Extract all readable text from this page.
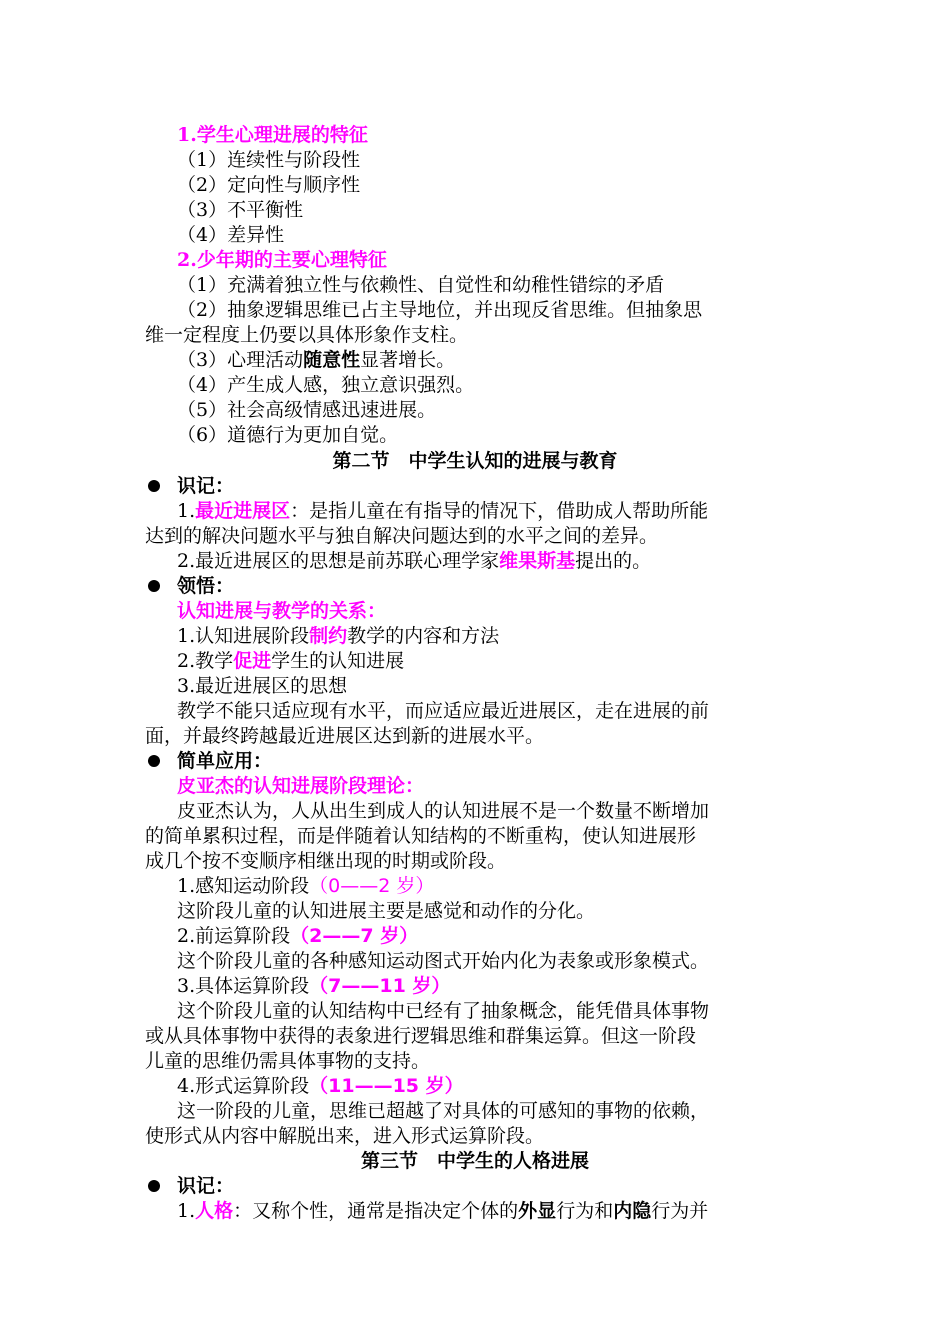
1.学生心理进展的特征
（1）连续性与阶段性
（2）定向性与顺序性
（3）不平衡性
（4）差异性
2.少年期的主要心理特征
（1）充满着独立性与依赖性、自觉性和幼稚性错综的矛盾
（2）抽象逻辑思维已占主导地位，并出现反省思维。但抽象思
维一定程度上仍要以具体形象作支柱。
（3）心理活动随意性显著增长。
（4）产生成人感，独立意识强烈。
（5）社会高级情感迅速进展。
（6）道德行为更加自觉。
第二节　中学生认知的进展与教育
识记：
1.最近进展区：是指儿童在有指导的情况下，借助成人帮助所能
达到的解决问题水平与独自解决问题达到的水平之间的差异。
2.最近进展区的思想是前苏联心理学家维果斯基提出的。
领悟：
认知进展与教学的关系：
1.认知进展阶段制约教学的内容和方法
2.教学促进学生的认知进展
3.最近进展区的思想
教学不能只适应现有水平，而应适应最近进展区，走在进展的前
面，并最终跨越最近进展区达到新的进展水平。
简单应用：
皮亚杰的认知进展阶段理论：
皮亚杰认为，人从出生到成人的认知进展不是一个数量不断增加
的简单累积过程，而是伴随着认知结构的不断重构，使认知进展形
成几个按不变顺序相继出现的时期或阶段。
1.感知运动阶段（0——2 岁）
这阶段儿童的认知进展主要是感觉和动作的分化。
2.前运算阶段（2——7 岁）
这个阶段儿童的各种感知运动图式开始内化为表象或形象模式。
3.具体运算阶段（7——11 岁）
这个阶段儿童的认知结构中已经有了抽象概念，能凭借具体事物
或从具体事物中获得的表象进行逻辑思维和群集运算。但这一阶段
儿童的思维仍需具体事物的支持。
4.形式运算阶段（11——15 岁）
这一阶段的儿童，思维已超越了对具体的可感知的事物的依赖，
使形式从内容中解脱出来，进入形式运算阶段。
第三节　中学生的人格进展
识记：
1.人格：又称个性，通常是指决定个体的外显行为和内隐行为并
